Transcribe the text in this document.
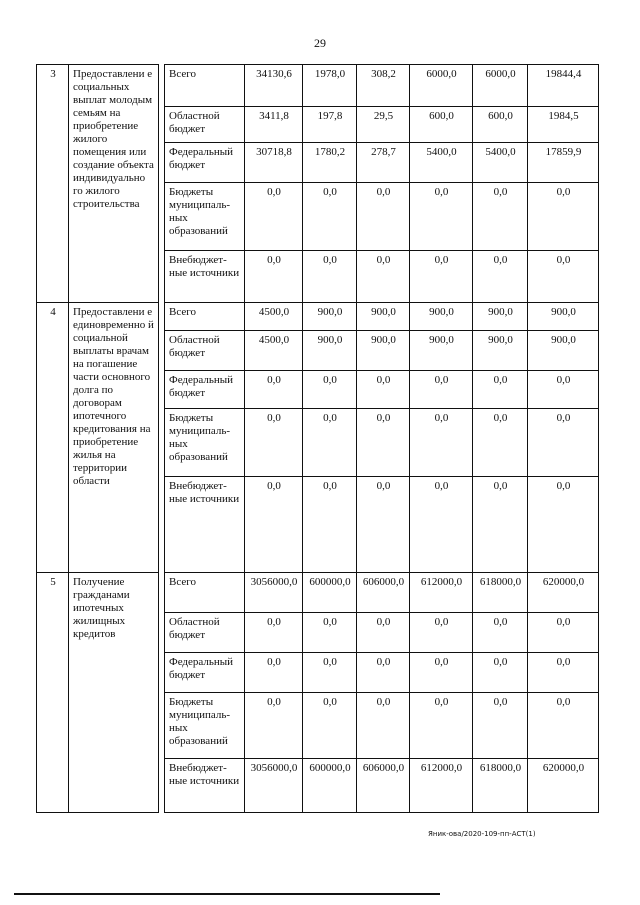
29
3	Предоставлени е социальных выплат молодым семьям на приобретение жилого помещения или создание объекта индивидуально го жилого строительства		Всего	34130,6	1978,0	308,2	6000,0	6000,0	19844,4
			Областной бюджет	3411,8	197,8	29,5	600,0	600,0	1984,5
			Федеральный бюджет	30718,8	1780,2	278,7	5400,0	5400,0	17859,9
			Бюджеты муниципаль-ных образований	0,0	0,0	0,0	0,0	0,0	0,0
			Внебюджет-ные источники	0,0	0,0	0,0	0,0	0,0	0,0
4	Предоставлени е единовременно й социальной выплаты врачам на погашение части основного долга по договорам ипотечного кредитования на приобретение жилья на территории области		Всего	4500,0	900,0	900,0	900,0	900,0	900,0
			Областной бюджет	4500,0	900,0	900,0	900,0	900,0	900,0
			Федеральный бюджет	0,0	0,0	0,0	0,0	0,0	0,0
			Бюджеты муниципаль-ных образований	0,0	0,0	0,0	0,0	0,0	0,0
			Внебюджет-ные источники	0,0	0,0	0,0	0,0	0,0	0,0
5	Получение гражданами ипотечных жилищных кредитов		Всего	3056000,0	600000,0	606000,0	612000,0	618000,0	620000,0
			Областной бюджет	0,0	0,0	0,0	0,0	0,0	0,0
			Федеральный бюджет	0,0	0,0	0,0	0,0	0,0	0,0
			Бюджеты муниципаль-ных образований	0,0	0,0	0,0	0,0	0,0	0,0
			Внебюджет-ные источники	3056000,0	600000,0	606000,0	612000,0	618000,0	620000,0
Яник-ова/2020-109-пп-АСТ(1)
